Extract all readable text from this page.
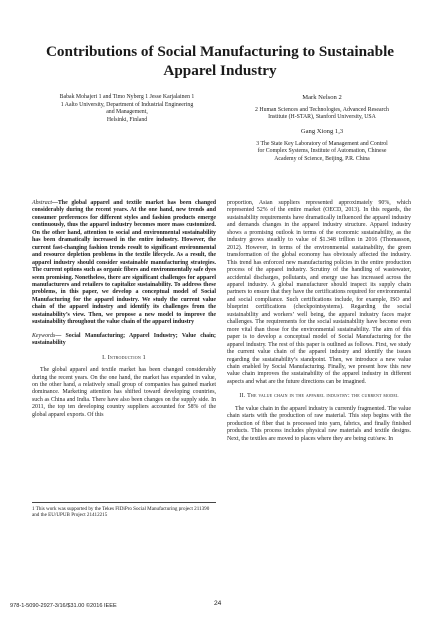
Contributions of Social Manufacturing to Sustainable Apparel Industry
Babak Mohajeri 1 and Timo Nyberg 1 Jesse Karjalainen 1
1 Aalto University, Department of Industrial Engineering
and Management,
Helsinki, Finland
Mark Nelson 2
2 Human Sciences and Technologies, Advanced Research
Institute (H-STAR), Stanford University, USA
Gang Xiong 1,3
3 The State Key Laboratory of Management and Control
for Complex Systems, Institute of Automation, Chinese
Academy of Science, Beijing, P.R. China
Abstract—The global apparel and textile market has been changed considerably during the recent years. At the one hand, new trends and consumer preferences for different styles and fashion products emerge continuously, thus the apparel industry becomes more mass customized. On the other hand, attention to social and environmental sustainability has been dramatically increased in the entire industry. However, the current fast-changing fashion trends result to significant environmental and resource depletion problems in the textile lifecycle. As a result, the apparel industry should consider sustainable manufacturing strategies. The current options such as organic fibers and environmentally safe dyes seem promising. Nonetheless, there are significant challenges for apparel manufacturers and retailers to capitalize sustainability. To address these problems, in this paper, we develop a conceptual model of Social Manufacturing for the apparel industry. We study the current value chain of the apparel industry and identify its challenges from the sustainability’s view. Then, we propose a new model to improve the sustainability throughout the value chain of the apparel industry
Keywords— Social Manufacturing; Apparel Industry; Value chain; sustainability
I. Introduction 1

The global apparel and textile market has been changed considerably during the recent years. On the one hand, the market has expanded in value, on the other hand, a relatively small group of companies has gained market dominance. Marketing attention has shifted toward developing countries, such as China and India. There have also been changes on the supply side. In 2011, the top ten developing country suppliers accounted for 58% of the global apparel exports. Of this

1 This work was supported by the Tekes FIDiPro Social Manufacturing project 211390 and the EU/UPUB Project 21412215

proportion, Asian suppliers represented approximately 90%, which represented 52% of the entire market (OECD, 2013). In this regards, the sustainability requirements have dramatically influenced the apparel industry and demands changes in the apparel industry structure. Apparel industry shows a promising outlook in terms of the economic sustainability, as the industry grows steadily to value of $1.348 trillion in 2016 (Thomasson, 2012). However, in terms of the environmental sustainability, the green transformation of the global economy has obviously affected the industry. This trend has enforced new manufacturing policies in the entire production process of the apparel industry. Scrutiny of the handling of wastewater, accidental discharges, pollutants, and energy use has increased across the apparel industry. A global manufacturer should inspect its supply chain partners to ensure that they have the certifications required for environmental and social compliance. Such certifications include, for example, ISO and blueprint certifications (checkpointsystems). Regarding the social sustainability and workers’ well being, the apparel industry faces major challenges. The requirements for the social sustainability have become even more vital than those for the environmental sustainability. The aim of this paper is to develop a conceptual model of Social Manufacturing for the apparel industry. The rest of this paper is outlined as follows. First, we study the current value chain of the apparel industry and identify the issues regarding the sustainability’s standpoint. Then, we introduce a new value chain enabled by Social Manufacturing. Finally, we present how this new value chain improves the sustainability of the apparel industry in different aspects and what are the future directions can be imagined.

II. The value chain in the apparel industry: the current model

The value chain in the apparel industry is currently fragmented. The value chain starts with the production of raw material. This step begins with the production of fiber that is processed into yarn, fabrics, and finally finished products. This process includes physical raw materials and textile designs. Next, the textiles are moved to places where they are being cut/sew. In

978-1-5090-2927-3/16/$31.00 ©2016 IEEE	24
